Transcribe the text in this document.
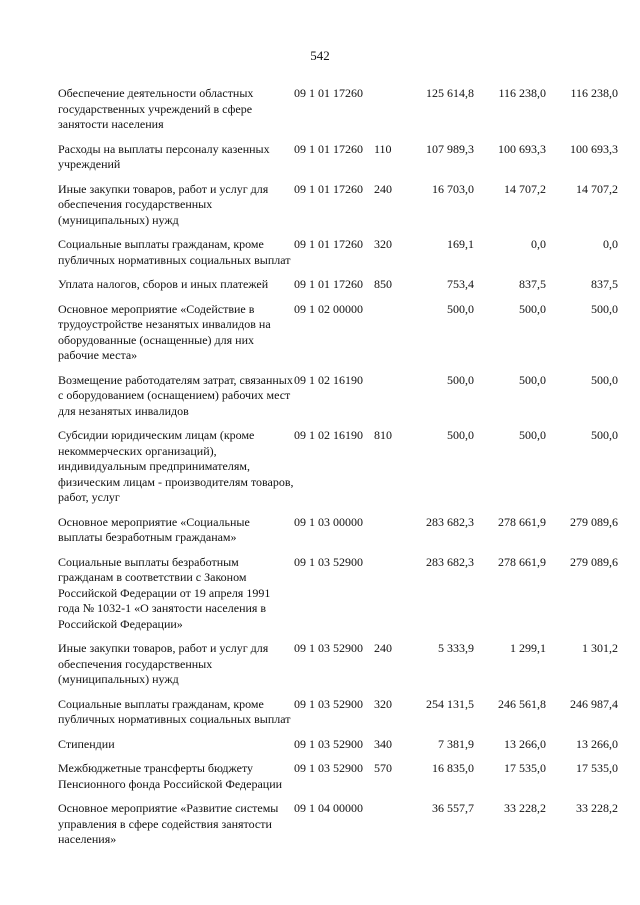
542
Обеспечение деятельности областных государственных учреждений в сфере занятости населения	09 1 01 17260		125 614,8	116 238,0	116 238,0
Расходы на выплаты персоналу казенных учреждений	09 1 01 17260	110	107 989,3	100 693,3	100 693,3
Иные закупки товаров, работ и услуг для обеспечения государственных (муниципальных) нужд	09 1 01 17260	240	16 703,0	14 707,2	14 707,2
Социальные выплаты гражданам, кроме публичных нормативных социальных выплат	09 1 01 17260	320	169,1	0,0	0,0
Уплата налогов, сборов и иных платежей	09 1 01 17260	850	753,4	837,5	837,5
Основное мероприятие «Содействие в трудоустройстве незанятых инвалидов на оборудованные (оснащенные) для них рабочие места»	09 1 02 00000		500,0	500,0	500,0
Возмещение работодателям затрат, связанных с оборудованием (оснащением) рабочих мест для незанятых инвалидов	09 1 02 16190		500,0	500,0	500,0
Субсидии юридическим лицам (кроме некоммерческих организаций), индивидуальным предпринимателям, физическим лицам - производителям товаров, работ, услуг	09 1 02 16190	810	500,0	500,0	500,0
Основное мероприятие «Социальные выплаты безработным гражданам»	09 1 03 00000		283 682,3	278 661,9	279 089,6
Социальные выплаты безработным гражданам в соответствии с Законом Российской Федерации от 19 апреля 1991 года № 1032-1 «О занятости населения в Российской Федерации»	09 1 03 52900		283 682,3	278 661,9	279 089,6
Иные закупки товаров, работ и услуг для обеспечения государственных (муниципальных) нужд	09 1 03 52900	240	5 333,9	1 299,1	1 301,2
Социальные выплаты гражданам, кроме публичных нормативных социальных выплат	09 1 03 52900	320	254 131,5	246 561,8	246 987,4
Стипендии	09 1 03 52900	340	7 381,9	13 266,0	13 266,0
Межбюджетные трансферты бюджету Пенсионного фонда Российской Федерации	09 1 03 52900	570	16 835,0	17 535,0	17 535,0
Основное мероприятие «Развитие системы управления в сфере содействия занятости населения»	09 1 04 00000		36 557,7	33 228,2	33 228,2
